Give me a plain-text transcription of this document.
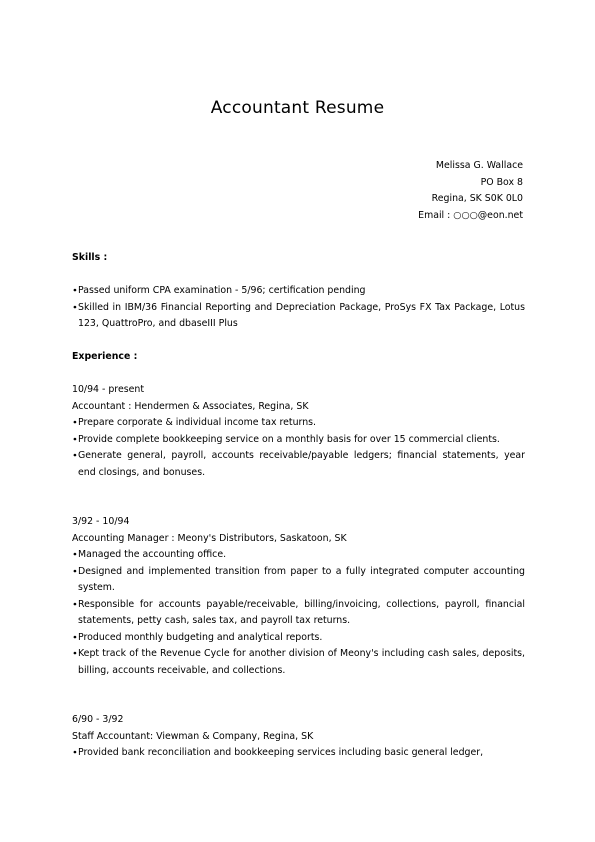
Accountant Resume
Melissa G. Wallace
PO Box 8
Regina, SK S0K 0L0
Email : ○○○@eon.net
Skills :
∙ Passed uniform CPA examination - 5/96; certification pending
∙ Skilled in IBM/36 Financial Reporting and Depreciation Package, ProSys FX Tax Package, Lotus 123, QuattroPro, and dbaseIII Plus
Experience :
10/94 - present
Accountant : Hendermen & Associates, Regina, SK
∙ Prepare corporate & individual income tax returns.
∙ Provide complete bookkeeping service on a monthly basis for over 15 commercial clients.
∙ Generate general, payroll, accounts receivable/payable ledgers; financial statements, year end closings, and bonuses.
3/92 - 10/94
Accounting Manager : Meony's Distributors, Saskatoon, SK
∙ Managed the accounting office.
∙ Designed and implemented transition from paper to a fully integrated computer accounting system.
∙ Responsible for accounts payable/receivable, billing/invoicing, collections, payroll, financial statements, petty cash, sales tax, and payroll tax returns.
∙ Produced monthly budgeting and analytical reports.
∙ Kept track of the Revenue Cycle for another division of Meony's including cash sales, deposits, billing, accounts receivable, and collections.
6/90 - 3/92
Staff Accountant: Viewman & Company, Regina, SK
∙ Provided bank reconciliation and bookkeeping services including basic general ledger,
